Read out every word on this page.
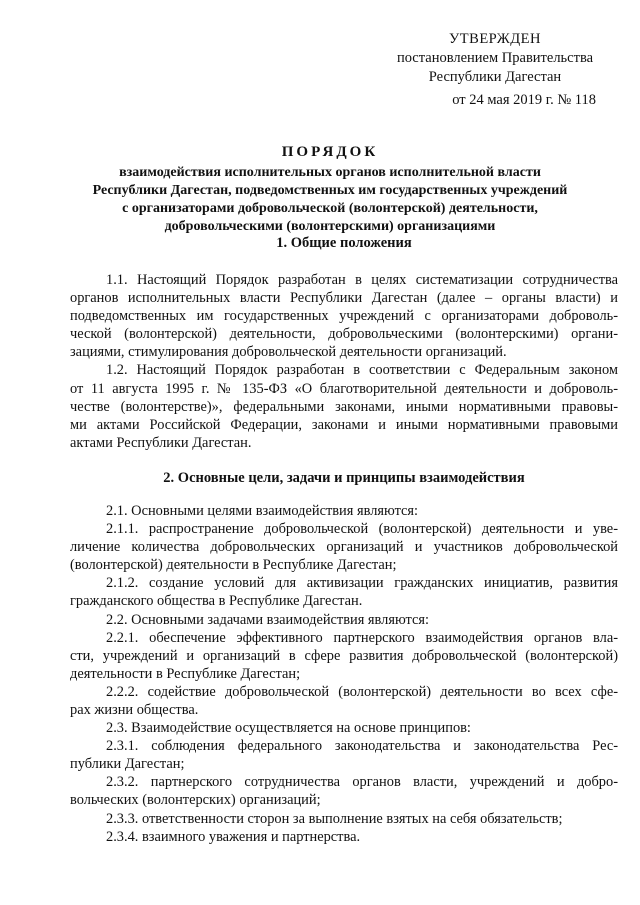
УТВЕРЖДЕН
постановлением Правительства
Республики Дагестан
от 24 мая 2019 г. № 118
ПОРЯДОК
взаимодействия исполнительных органов исполнительной власти
Республики Дагестан, подведомственных им государственных учреждений
с организаторами добровольческой (волонтерской) деятельности,
добровольческими (волонтерскими) организациями
1. Общие положения
1.1. Настоящий Порядок разработан в целях систематизации сотрудничества
органов исполнительных власти Республики Дагестан (далее – органы власти) и
подведомственных им государственных учреждений с организаторами доброволь-
ческой (волонтерской) деятельности, добровольческими (волонтерскими) органи-
зациями, стимулирования добровольческой деятельности организаций.
1.2. Настоящий Порядок разработан в соответствии с Федеральным законом
от 11 августа 1995 г. № 135-ФЗ «О благотворительной деятельности и доброволь-
честве (волонтерстве)», федеральными законами, иными нормативными правовы-
ми актами Российской Федерации, законами и иными нормативными правовыми
актами Республики Дагестан.
2. Основные цели, задачи и принципы взаимодействия
2.1. Основными целями взаимодействия являются:
2.1.1. распространение добровольческой (волонтерской) деятельности и уве-
личение количества добровольческих организаций и участников добровольческой
(волонтерской) деятельности в Республике Дагестан;
2.1.2. создание условий для активизации гражданских инициатив, развития
гражданского общества в Республике Дагестан.
2.2. Основными задачами взаимодействия являются:
2.2.1. обеспечение эффективного партнерского взаимодействия органов вла-
сти, учреждений и организаций в сфере развития добровольческой (волонтерской)
деятельности в Республике Дагестан;
2.2.2. содействие добровольческой (волонтерской) деятельности во всех сфе-
рах жизни общества.
2.3. Взаимодействие осуществляется на основе принципов:
2.3.1. соблюдения федерального законодательства и законодательства Рес-
публики Дагестан;
2.3.2. партнерского сотрудничества органов власти, учреждений и добро-
вольческих (волонтерских) организаций;
2.3.3. ответственности сторон за выполнение взятых на себя обязательств;
2.3.4. взаимного уважения и партнерства.
